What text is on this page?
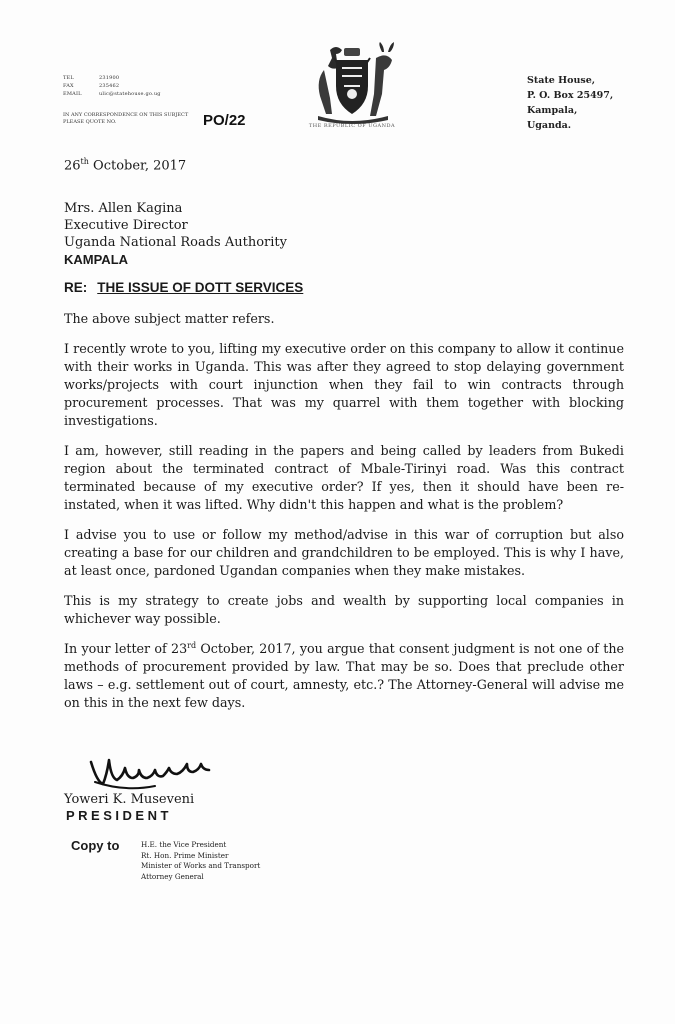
TEL	231900
FAX	235462
EMAIL	ulic@statehouse.go.ug
IN ANY CORRESPONDENCE ON THIS SUBJECT PLEASE QUOTE NO.	PO/22	THE REPUBLIC OF UGANDA
State House,
P. O. Box 25497,
Kampala,
Uganda.
26th October, 2017
Mrs. Allen Kagina
Executive Director
Uganda National Roads Authority
KAMPALA
RE: THE ISSUE OF DOTT SERVICES

The above subject matter refers.

I recently wrote to you, lifting my executive order on this company to allow it continue with their works in Uganda. This was after they agreed to stop delaying government works/projects with court injunction when they fail to win contracts through procurement processes. That was my quarrel with them together with blocking investigations.

I am, however, still reading in the papers and being called by leaders from Bukedi region about the terminated contract of Mbale-Tirinyi road. Was this contract terminated because of my executive order? If yes, then it should have been re-instated, when it was lifted. Why didn't this happen and what is the problem?

I advise you to use or follow my method/advise in this war of corruption but also creating a base for our children and grandchildren to be employed. This is why I have, at least once, pardoned Ugandan companies when they make mistakes.

This is my strategy to create jobs and wealth by supporting local companies in whichever way possible.

In your letter of 23rd October, 2017, you argue that consent judgment is not one of the methods of procurement provided by law. That may be so. Does that preclude other laws – e.g. settlement out of court, amnesty, etc.? The Attorney-General will advise me on this in the next few days.

Yoweri K. Museveni
PRESIDENT
Copy to	H.E. the Vice President
Rt. Hon. Prime Minister
Minister of Works and Transport
Attorney General
